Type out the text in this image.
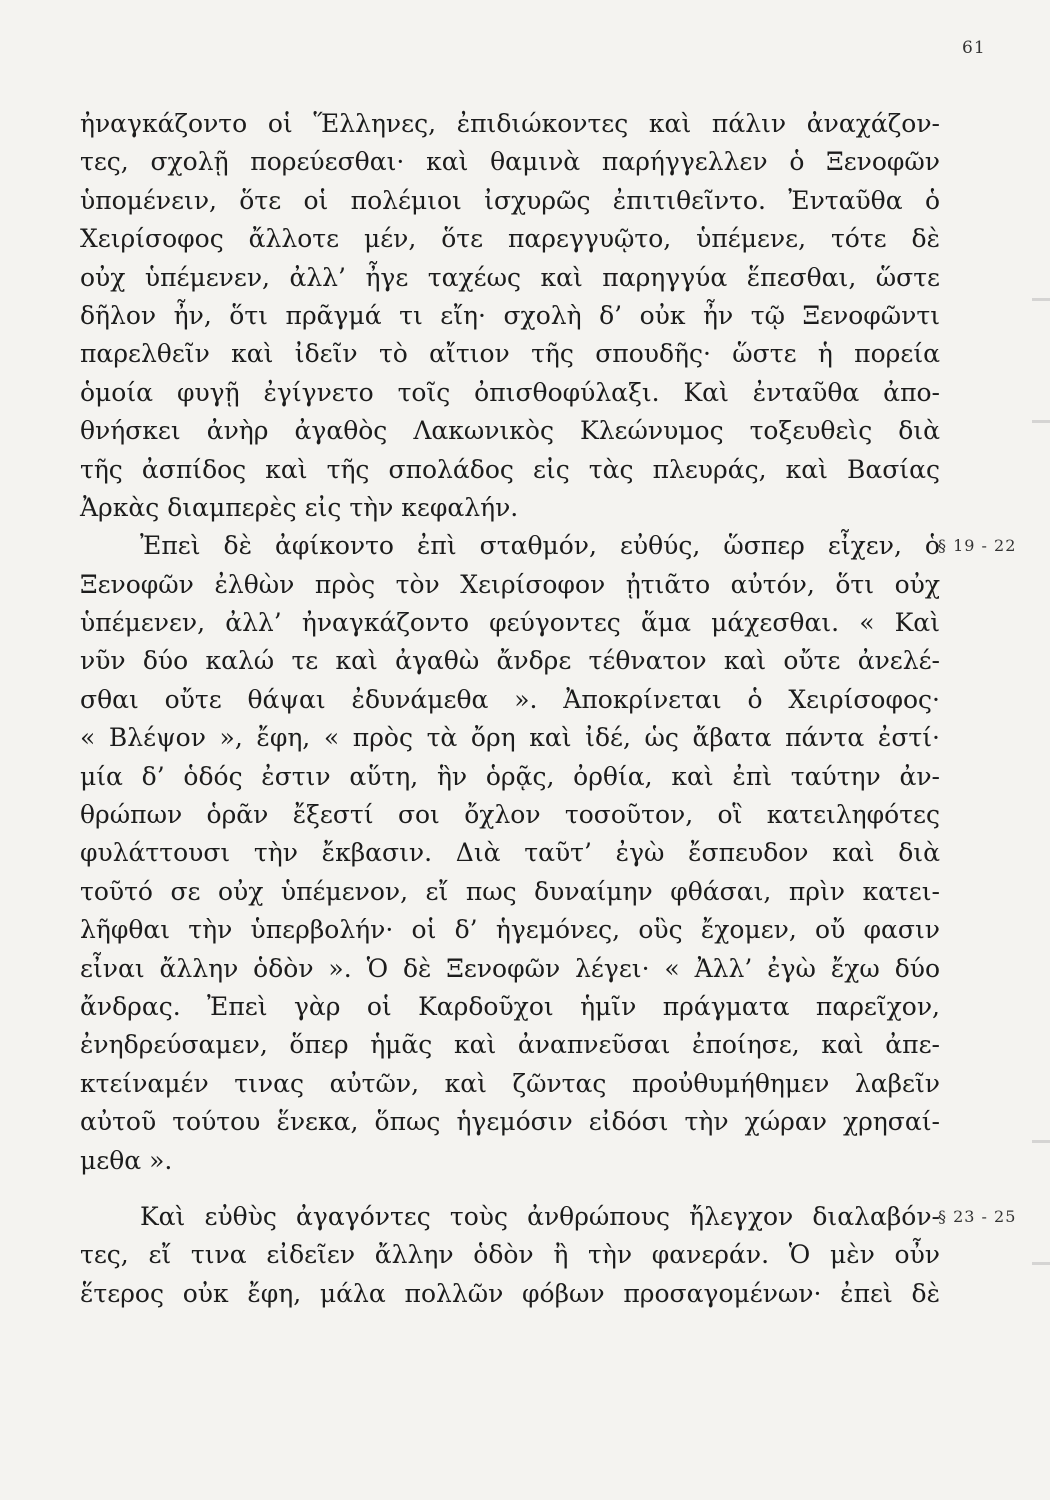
61
ἠναγκάζοντο οἱ Ἕλληνες, ἐπιδιώκοντες καὶ πάλιν ἀναχάζον-
τες, σχολῇ πορεύεσθαι· καὶ θαμινὰ παρήγγελλεν ὁ Ξενοφῶν
ὑπομένειν, ὅτε οἱ πολέμιοι ἰσχυρῶς ἐπιτιθεῖντο. Ἐνταῦθα ὁ
Χειρίσοφος ἄλλοτε μέν, ὅτε παρεγγυῷτο, ὑπέμενε, τότε δὲ
οὐχ ὑπέμενεν, ἀλλ’ ἦγε ταχέως καὶ παρηγγύα ἕπεσθαι, ὥστε
δῆλον ἦν, ὅτι πρᾶγμά τι εἴη· σχολὴ δ’ οὐκ ἦν τῷ Ξενοφῶντι
παρελθεῖν καὶ ἰδεῖν τὸ αἴτιον τῆς σπουδῆς· ὥστε ἡ πορεία
ὁμοία φυγῇ ἐγίγνετο τοῖς ὀπισθοφύλαξι. Καὶ ἐνταῦθα ἀπο-
θνήσκει ἀνὴρ ἀγαθὸς Λακωνικὸς Κλεώνυμος τοξευθεὶς διὰ
τῆς ἀσπίδος καὶ τῆς σπολάδος εἰς τὰς πλευράς, καὶ Βασίας
Ἀρκὰς διαμπερὲς εἰς τὴν κεφαλήν.
Ἐπεὶ δὲ ἀφίκοντο ἐπὶ σταθμόν, εὐθύς, ὥσπερ εἶχεν, ὁ
§ 19 - 22
Ξενοφῶν ἐλθὼν πρὸς τὸν Χειρίσοφον ᾐτιᾶτο αὐτόν, ὅτι οὐχ
ὑπέμενεν, ἀλλ’ ἠναγκάζοντο φεύγοντες ἅμα μάχεσθαι. « Καὶ
νῦν δύο καλώ τε καὶ ἀγαθὼ ἄνδρε τέθνατον καὶ οὔτε ἀνελέ-
σθαι οὔτε θάψαι ἐδυνάμεθα ». Ἀποκρίνεται ὁ Χειρίσοφος·
« Βλέψον », ἔφη, « πρὸς τὰ ὄρη καὶ ἰδέ, ὡς ἄβατα πάντα ἐστί·
μία δ’ ὁδός ἐστιν αὕτη, ἣν ὁρᾷς, ὀρθία, καὶ ἐπὶ ταύτην ἀν-
θρώπων ὁρᾶν ἔξεστί σοι ὄχλον τοσοῦτον, οἳ κατειληφότες
φυλάττουσι τὴν ἔκβασιν. Διὰ ταῦτ’ ἐγὼ ἔσπευδον καὶ διὰ
τοῦτό σε οὐχ ὑπέμενον, εἴ πως δυναίμην φθάσαι, πρὶν κατει-
λῆφθαι τὴν ὑπερβολήν· οἱ δ’ ἡγεμόνες, οὓς ἔχομεν, οὔ φασιν
εἶναι ἄλλην ὁδὸν ». Ὁ δὲ Ξενοφῶν λέγει· « Ἀλλ’ ἐγὼ ἔχω δύο
ἄνδρας. Ἐπεὶ γὰρ οἱ Καρδοῦχοι ἡμῖν πράγματα παρεῖχον,
ἐνηδρεύσαμεν, ὅπερ ἡμᾶς καὶ ἀναπνεῦσαι ἐποίησε, καὶ ἀπε-
κτείναμέν τινας αὐτῶν, καὶ ζῶντας προὐθυμήθημεν λαβεῖν
αὐτοῦ τούτου ἕνεκα, ὅπως ἡγεμόσιν εἰδόσι τὴν χώραν χρησαί-
μεθα ».
Καὶ εὐθὺς ἀγαγόντες τοὺς ἀνθρώπους ἤλεγχον διαλαβόν-
§ 23 - 25
τες, εἴ τινα εἰδεῖεν ἄλλην ὁδὸν ἢ τὴν φανεράν. Ὁ μὲν οὖν
ἕτερος οὐκ ἔφη, μάλα πολλῶν φόβων προσαγομένων· ἐπεὶ δὲ
